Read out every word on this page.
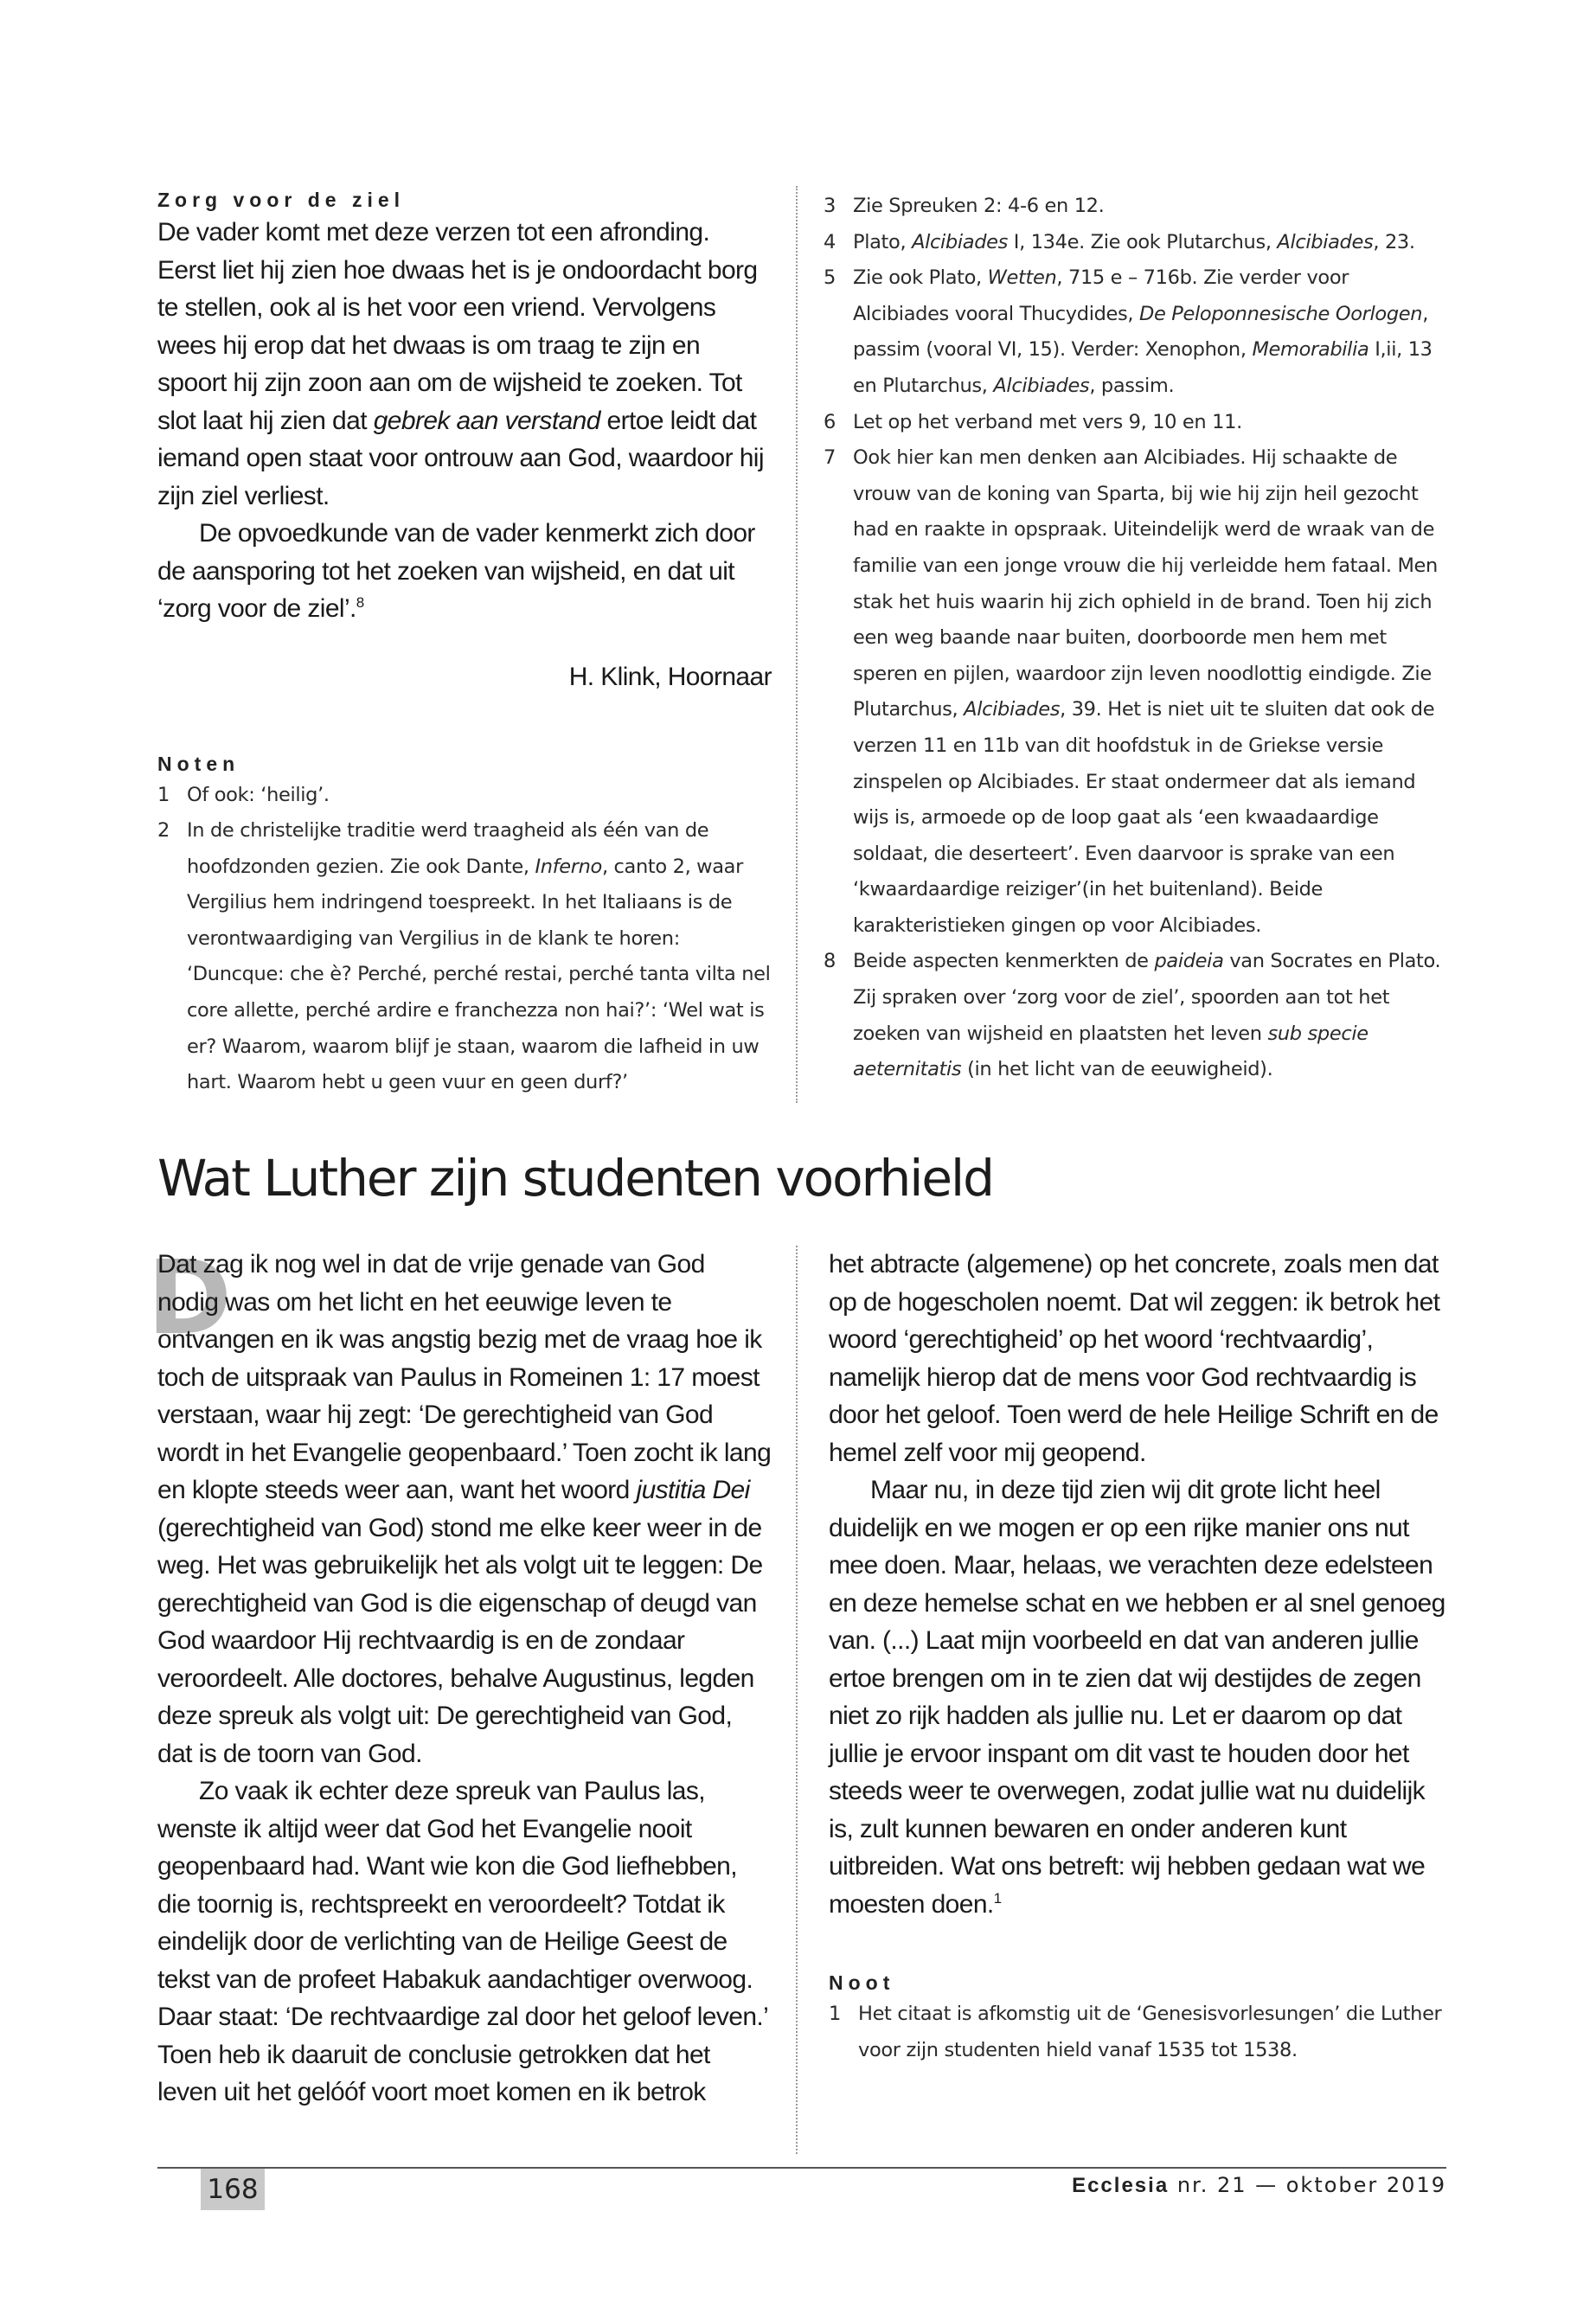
Zorg voor de ziel

De vader komt met deze verzen tot een afronding. Eerst liet hij zien hoe dwaas het is je ondoordacht borg te stellen, ook al is het voor een vriend. Vervolgens wees hij erop dat het dwaas is om traag te zijn en spoort hij zijn zoon aan om de wijsheid te zoeken. Tot slot laat hij zien dat gebrek aan verstand ertoe leidt dat iemand open staat voor ontrouw aan God, waardoor hij zijn ziel verliest.

De opvoedkunde van de vader kenmerkt zich door de aansporing tot het zoeken van wijsheid, en dat uit ‘zorg voor de ziel’.$^8$

H. Klink, Hoornaar

Noten
1 Of ook: ‘heilig’.
2 In de christelijke traditie werd traagheid als één van de hoofdzonden gezien. Zie ook Dante, Inferno, canto 2, waar Vergilius hem indringend toespreekt. In het Italiaans is de verontwaardiging van Vergilius in de klank te horen: ‘Duncque: che è? Perché, perché restai, perché tanta vilta nel core allette, perché ardire e franchezza non hai?’: ‘Wel wat is er? Waarom, waarom blijf je staan, waarom die lafheid in uw hart. Waarom hebt u geen vuur en geen durf?’
3 Zie Spreuken 2: 4-6 en 12.
4 Plato, Alcibiades I, 134e. Zie ook Plutarchus, Alcibiades, 23.
5 Zie ook Plato, Wetten, 715 e – 716b. Zie verder voor Alcibiades vooral Thucydides, De Peloponnesische Oorlogen, passim (vooral VI, 15). Verder: Xenophon, Memorabilia I,ii, 13 en Plutarchus, Alcibiades, passim.
6 Let op het verband met vers 9, 10 en 11.
7 Ook hier kan men denken aan Alcibiades. Hij schaakte de vrouw van de koning van Sparta, bij wie hij zijn heil gezocht had en raakte in opspraak. Uiteindelijk werd de wraak van de familie van een jonge vrouw die hij verleidde hem fataal. Men stak het huis waarin hij zich ophield in de brand. Toen hij zich een weg baande naar buiten, doorboorde men hem met speren en pijlen, waardoor zijn leven noodlottig eindigde. Zie Plutarchus, Alcibiades, 39. Het is niet uit te sluiten dat ook de verzen 11 en 11b van dit hoofdstuk in de Griekse versie zinspelen op Alcibiades. Er staat ondermeer dat als iemand wijs is, armoede op de loop gaat als ‘een kwaadaardige soldaat, die deserteert’. Even daarvoor is sprake van een ‘kwaardaardige reiziger’(in het buitenland). Beide karakteristieken gingen op voor Alcibiades.
8 Beide aspecten kenmerkten de paideia van Socrates en Plato. Zij spraken over ‘zorg voor de ziel’, spoorden aan tot het zoeken van wijsheid en plaatsten het leven sub specie aeternitatis (in het licht van de eeuwigheid).
Wat Luther zijn studenten voorhield
D

Dat zag ik nog wel in dat de vrije genade van God nodig was om het licht en het eeuwige leven te ontvangen en ik was angstig bezig met de vraag hoe ik toch de uitspraak van Paulus in Romeinen 1: 17 moest verstaan, waar hij zegt: ‘De gerechtigheid van God wordt in het Evangelie geopenbaard.’ Toen zocht ik lang en klopte steeds weer aan, want het woord justitia Dei (gerechtigheid van God) stond me elke keer weer in de weg. Het was gebruikelijk het als volgt uit te leggen: De gerechtigheid van God is die eigenschap of deugd van God waardoor Hij rechtvaardig is en de zondaar veroordeelt. Alle doctores, behalve Augustinus, legden deze spreuk als volgt uit: De gerechtigheid van God, dat is de toorn van God.

Zo vaak ik echter deze spreuk van Paulus las, wenste ik altijd weer dat God het Evangelie nooit geopenbaard had. Want wie kon die God liefhebben, die toornig is, rechtspreekt en veroordeelt? Totdat ik eindelijk door de verlichting van de Heilige Geest de tekst van de profeet Habakuk aandachtiger overwoog. Daar staat: ‘De rechtvaardige zal door het geloof leven.’ Toen heb ik daaruit de conclusie getrokken dat het leven uit het gelóóf voort moet komen en ik betrok

het abtracte (algemene) op het concrete, zoals men dat op de hogescholen noemt. Dat wil zeggen: ik betrok het woord ‘gerechtigheid’ op het woord ‘rechtvaardig’, namelijk hierop dat de mens voor God rechtvaardig is door het geloof. Toen werd de hele Heilige Schrift en de hemel zelf voor mij geopend.

Maar nu, in deze tijd zien wij dit grote licht heel duidelijk en we mogen er op een rijke manier ons nut mee doen. Maar, helaas, we verachten deze edelsteen en deze hemelse schat en we hebben er al snel genoeg van. (...) Laat mijn voorbeeld en dat van anderen jullie ertoe brengen om in te zien dat wij destijdes de zegen niet zo rijk hadden als jullie nu. Let er daarom op dat jullie je ervoor inspant om dit vast te houden door het steeds weer te overwegen, zodat jullie wat nu duidelijk is, zult kunnen bewaren en onder anderen kunt uitbreiden. Wat ons betreft: wij hebben gedaan wat we moesten doen.$^1$

Noot
1 Het citaat is afkomstig uit de ‘Genesisvorlesungen’ die Luther voor zijn studenten hield vanaf 1535 tot 1538.
168	Ecclesia nr. 21 — oktober 2019
